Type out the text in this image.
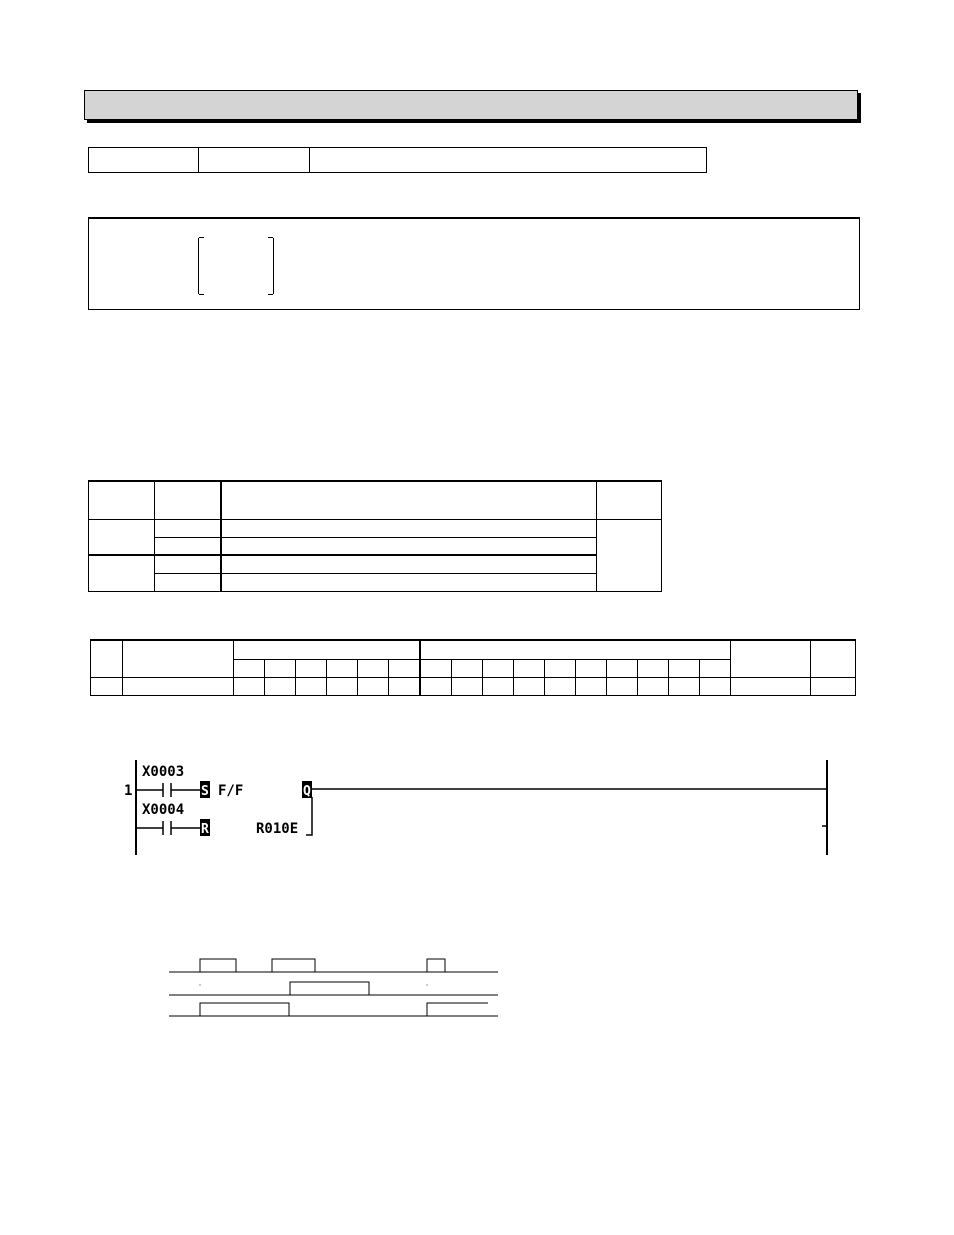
1
X0003
X0004
S
R
F/F	Q
R010E
